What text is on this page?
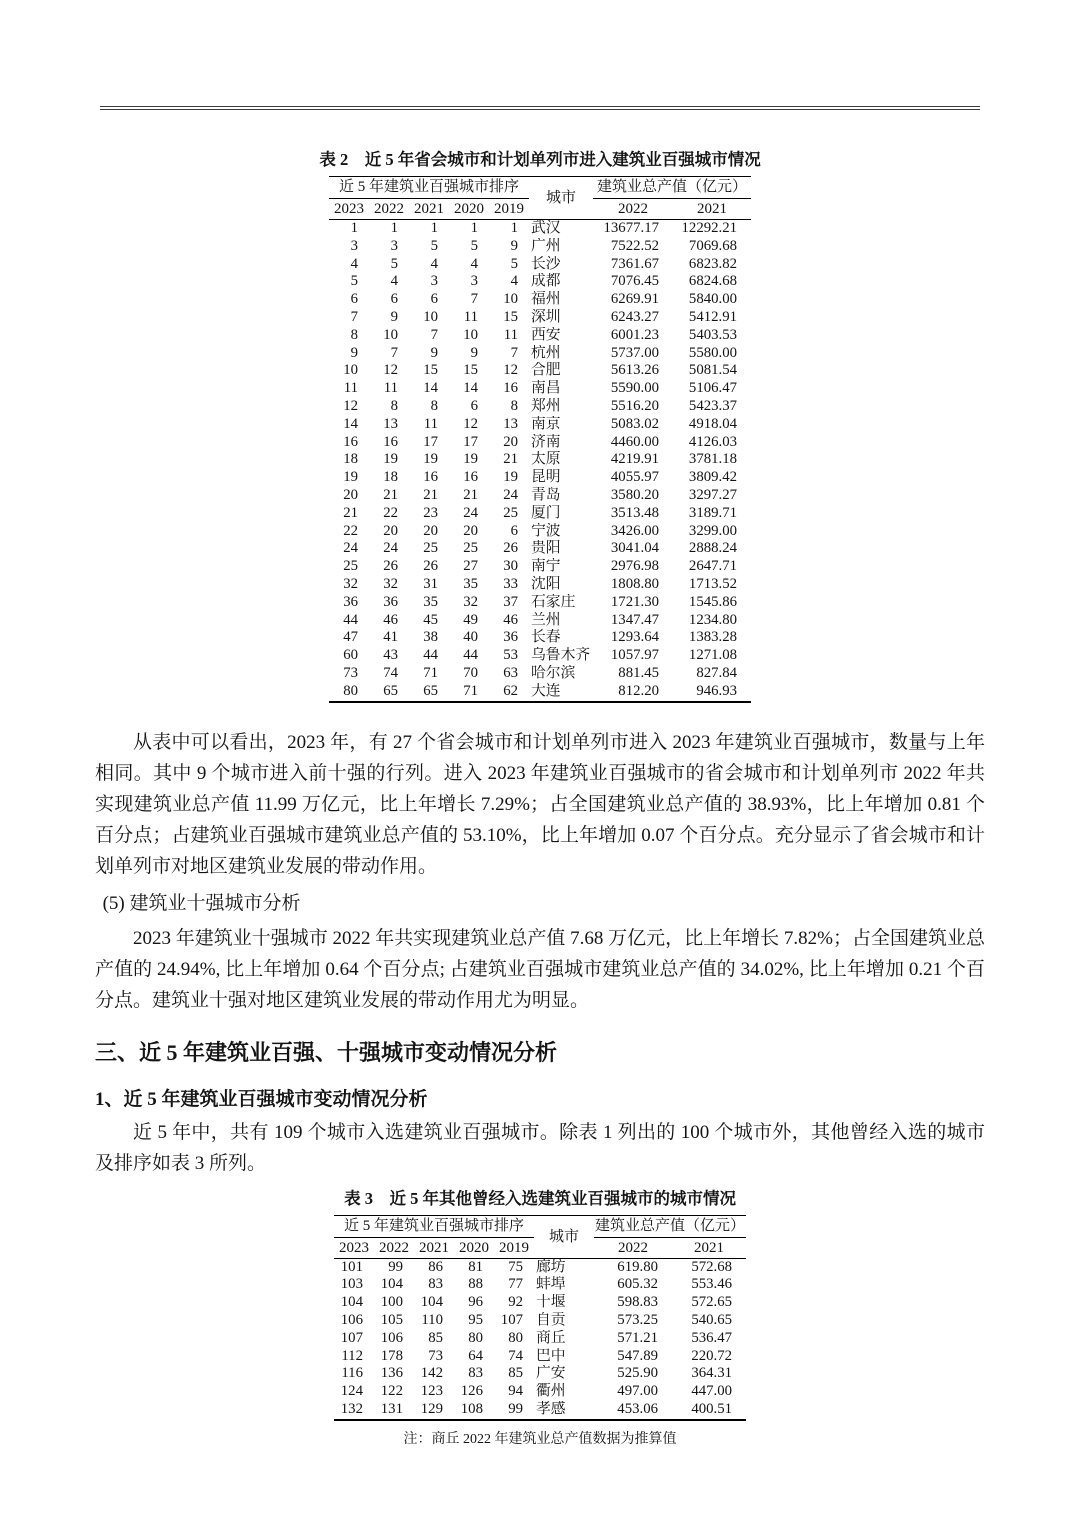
表 2　近 5 年省会城市和计划单列市进入建筑业百强城市情况
近 5 年建筑业百强城市排序					城市	建筑业总产值（亿元）	
2023	2022	2021	2020	2019		2022	2021
1	1	1	1	1	武汉	13677.17	12292.21
3	3	5	5	9	广州	7522.52	7069.68
4	5	4	4	5	长沙	7361.67	6823.82
5	4	3	3	4	成都	7076.45	6824.68
6	6	6	7	10	福州	6269.91	5840.00
7	9	10	11	15	深圳	6243.27	5412.91
8	10	7	10	11	西安	6001.23	5403.53
9	7	9	9	7	杭州	5737.00	5580.00
10	12	15	15	12	合肥	5613.26	5081.54
11	11	14	14	16	南昌	5590.00	5106.47
12	8	8	6	8	郑州	5516.20	5423.37
14	13	11	12	13	南京	5083.02	4918.04
16	16	17	17	20	济南	4460.00	4126.03
18	19	19	19	21	太原	4219.91	3781.18
19	18	16	16	19	昆明	4055.97	3809.42
20	21	21	21	24	青岛	3580.20	3297.27
21	22	23	24	25	厦门	3513.48	3189.71
22	20	20	20	6	宁波	3426.00	3299.00
24	24	25	25	26	贵阳	3041.04	2888.24
25	26	26	27	30	南宁	2976.98	2647.71
32	32	31	35	33	沈阳	1808.80	1713.52
36	36	35	32	37	石家庄	1721.30	1545.86
44	46	45	49	46	兰州	1347.47	1234.80
47	41	38	40	36	长春	1293.64	1383.28
60	43	44	44	53	乌鲁木齐	1057.97	1271.08
73	74	71	70	63	哈尔滨	881.45	827.84
80	65	65	71	62	大连	812.20	946.93

从表中可以看出，2023 年，有 27 个省会城市和计划单列市进入 2023 年建筑业百强城市，数量与上年相同。其中 9 个城市进入前十强的行列。进入 2023 年建筑业百强城市的省会城市和计划单列市 2022 年共实现建筑业总产值 11.99 万亿元，比上年增长 7.29%；占全国建筑业总产值的 38.93%，比上年增加 0.81 个百分点；占建筑业百强城市建筑业总产值的 53.10%，比上年增加 0.07 个百分点。充分显示了省会城市和计划单列市对地区建筑业发展的带动作用。

(5) 建筑业十强城市分析

2023 年建筑业十强城市 2022 年共实现建筑业总产值 7.68 万亿元，比上年增长 7.82%；占全国建筑业总产值的 24.94%, 比上年增加 0.64 个百分点; 占建筑业百强城市建筑业总产值的 34.02%, 比上年增加 0.21 个百分点。建筑业十强对地区建筑业发展的带动作用尤为明显。

三、近 5 年建筑业百强、十强城市变动情况分析
1、近 5 年建筑业百强城市变动情况分析

近 5 年中，共有 109 个城市入选建筑业百强城市。除表 1 列出的 100 个城市外，其他曾经入选的城市及排序如表 3 所列。

表 3　近 5 年其他曾经入选建筑业百强城市的城市情况
近 5 年建筑业百强城市排序					城市	建筑业总产值（亿元）	
2023	2022	2021	2020	2019		2022	2021
101	99	86	81	75	廊坊	619.80	572.68
103	104	83	88	77	蚌埠	605.32	553.46
104	100	104	96	92	十堰	598.83	572.65
106	105	110	95	107	自贡	573.25	540.65
107	106	85	80	80	商丘	571.21	536.47
112	178	73	64	74	巴中	547.89	220.72
116	136	142	83	85	广安	525.90	364.31
124	122	123	126	94	衢州	497.00	447.00
132	131	129	108	99	孝感	453.06	400.51
注：商丘 2022 年建筑业总产值数据为推算值
